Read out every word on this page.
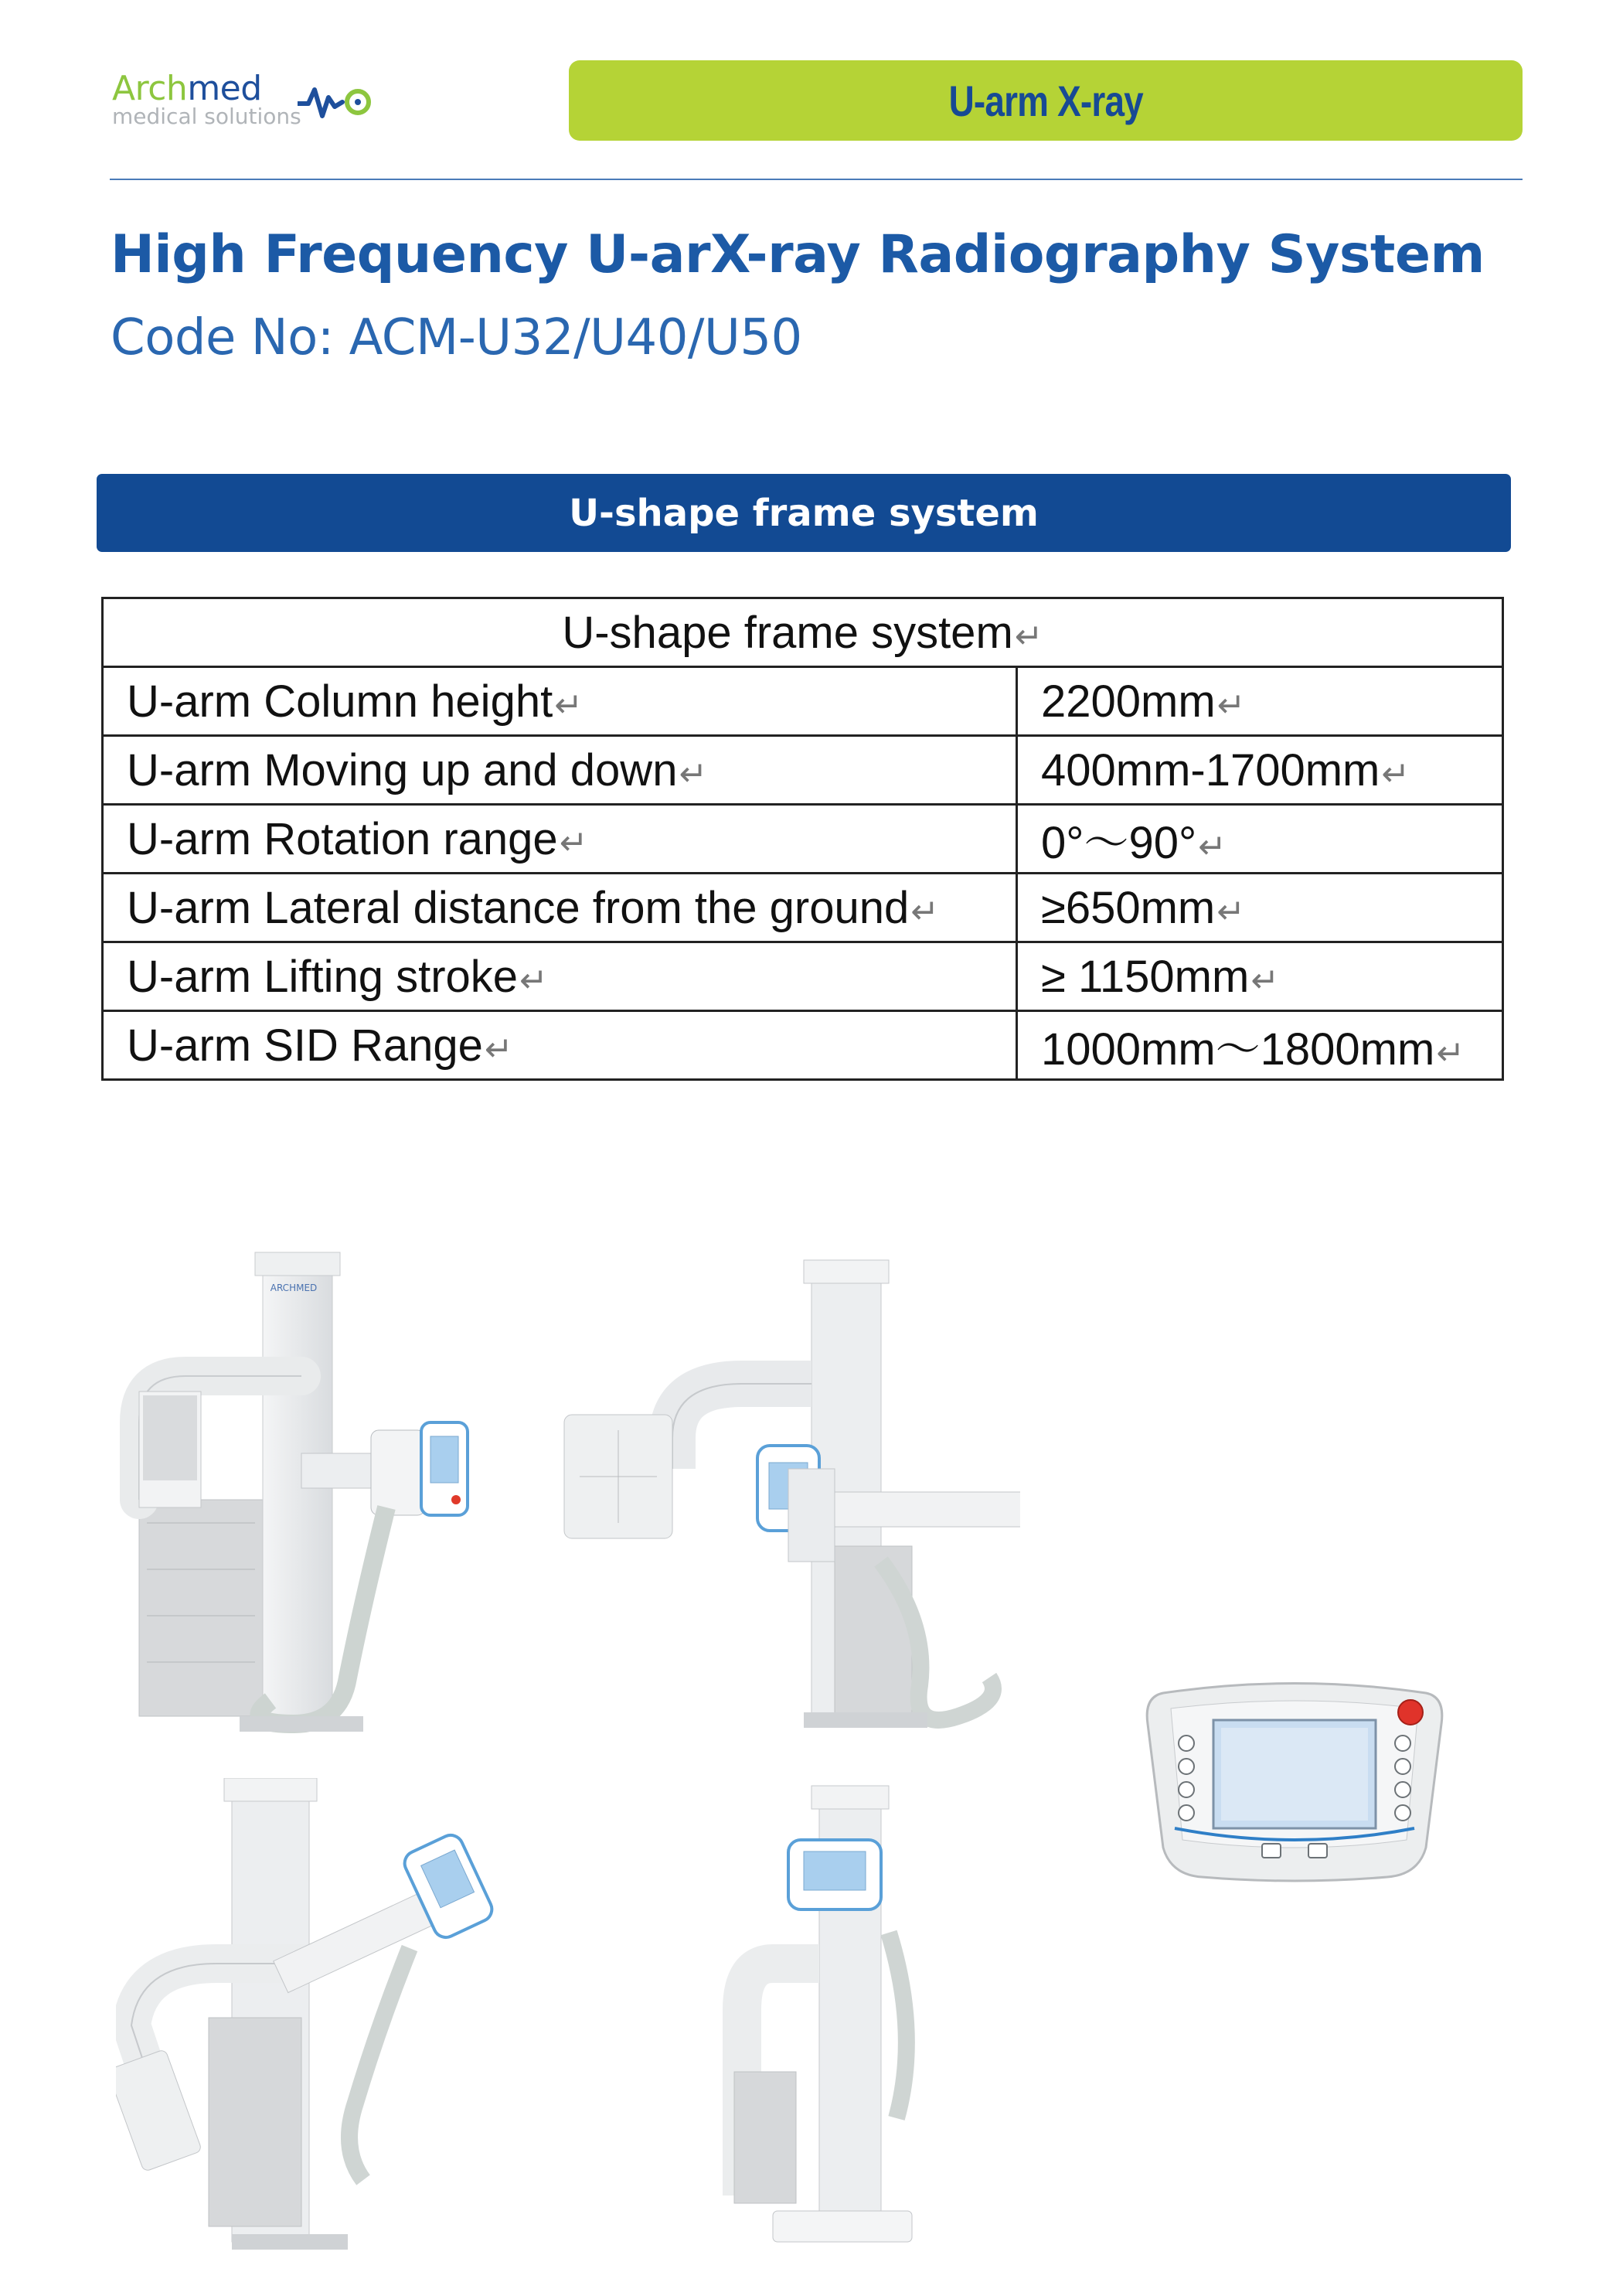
Archmed
medical solutions	U-arm X-ray
High Frequency U-arX-ray Radiography System
Code No: ACM-U32/U40/U50
U-shape frame system
U-shape frame system↵	
U-arm Column height↵	2200mm↵
U-arm Moving up and down↵	400mm-1700mm↵
U-arm Rotation range↵	0°～90°↵
U-arm Lateral distance from the ground↵	≥650mm↵
U-arm Lifting stroke↵	≥ 1150mm↵
U-arm SID Range↵	1000mm～1800mm↵
ARCHMED
